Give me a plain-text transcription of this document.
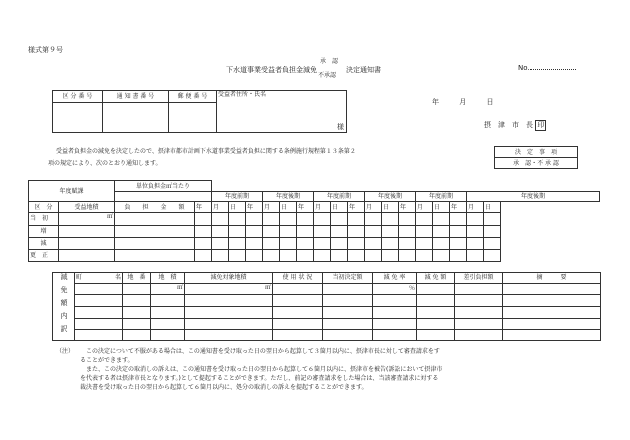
様式第９号
下水道事業受益者負担金減免
承　認
不承認
決定通知書	No.
区 分 番 号	通 知 書 番 号	郵 便 番 号	受益者住所・氏名
様

年	月	日
摂　津　市　長 印
受益者負担金の減免を決定したので、摂津市都市計画下水道事業受益者負担に関する条例施行規程第１３条第２
項の規定により、次のとおり通知します。
決　定　事　項
承　認・不 承 認
年度賦課		単位負担金㎡当たり																		
				年度前期			年度後期			年度前期			年度後期			年度前期			年度後期	
区　分	受益地積	負　　担　　金　　額	年	月	日	年	月	日	年	月	日	年	月	日	年	月	日	年	月	日
当　初	㎡																			
増																				
減																				
更　正																				
減免額内訳	町 名	地　番	地　積	減免対象地積	使 用 状 況	当初決定額	減 免 率	減 免 額	差引負担額	摘　　　要
			㎡	㎡			％			

（注） この決定について不服がある場合は、この通知書を受け取った日の翌日から起算して３箇月以内に、摂津市長に対して審査請求をす
ることができます。
また、この決定の取消しの訴えは、この通知書を受け取った日の翌日から起算して６箇月以内に、摂津市を被告(訴訟において摂津市
を代表する者は摂津市長となります。)として提起することができます。ただし、前記の審査請求をした場合は、当該審査請求に対する
裁決書を受け取った日の翌日から起算して６箇月以内に、処分の取消しの訴えを提起することができます。
